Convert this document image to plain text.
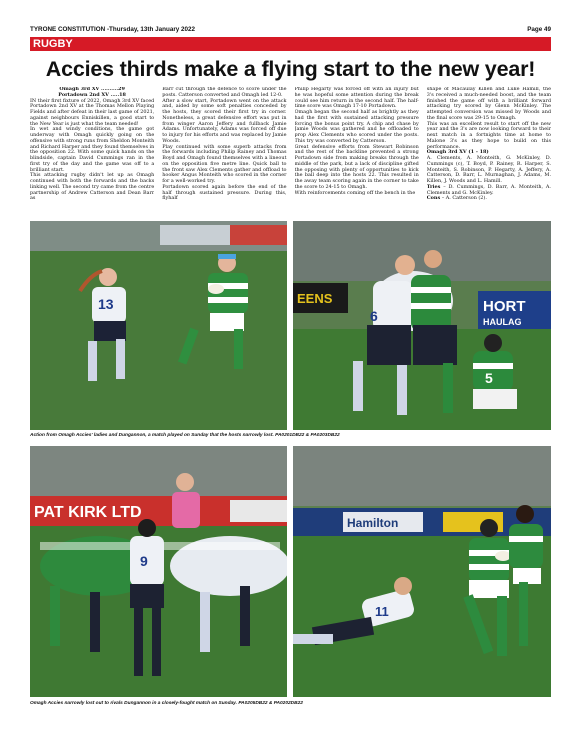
TYRONE CONSTITUTION -Thursday, 13th January 2022	Page 49
RUGBY
Accies thirds make a flying start to the new year!

Omagh 3rd XV ..........29

Portadown 2nd XV .....18

IN their first fixture of 2022, Omagh 3rd XV faced Portadown 2nd XV at the Thomas Mellon Playing Fields and after defeat in their last game of 2021, against neighbours Enniskillen, a good start to the New Year is just what the team needed!

In wet and windy conditions, the game got underway with Omagh quickly going on the offensive with strong runs from Sheldon Monteith and Richard Harper and they found themselves in the opposition 22. With some quick hands on the blindside, captain David Cummings ran in the first try of the day and the game was off to a brilliant start.

This attacking rugby didn't let up as Omagh continued with both the forwards and the backs linking well. The second try came from the centre partnership of Andrew Catterson and Dean Barr as

Barr cut through the defence to score under the posts. Catterson converted and Omagh led 12-0.

After a slow start, Portadown went on the attack and, aided by some soft penalties conceded by the hosts, they scored their first try in corner. Nonetheless, a great defensive effort was put in from winger Aaron Jeffery and fullback Jamie Adams. Unfortunately, Adams was forced off due to injury for his efforts and was replaced by Jamie Woods.

Play continued with some superb attacks from the forwards including Philip Rainey and Thomas Boyd and Omagh found themselves with a lineout on the opposition five metre line. Quick ball to the front saw Alex Clements gather and offload to hooker Angus Monteith who scored in the corner for a well-worked try.

Portadown scored again before the end of the half through sustained pressure. During this, flyhalf

Philip Hegarty was forced off with an injury but he was hopeful some attention during the break could see him return in the second half. The half-time score was Omagh 17-10 Portadown.

Omagh began the second half as brightly as they had the first with sustained attacking pressure forcing the bonus point try. A chip and chase by Jamie Woods was gathered and he offloaded to prop Alex Clements who scored under the posts. This try was converted by Catterson.

Great defensive efforts from Stewart Robinson and the rest of the backline prevented a strong Portadown side from making breaks through the middle of the park, but a lack of discipline gifted the opposing with plenty of opportunities to kick the ball deep into the hosts 22. This resulted in the away team scoring again in the corner to take the score to 24-15 to Omagh.

With reinforcements coming off the bench in the

shape of Macaulay Killen and Luke Hamill, the 3's received a much-needed boost, and the team finished the game off with a brilliant forward attacking try scored by Glenn McKinley. The attempted conversion was missed by Woods and the final score was 29-15 to Omagh.

This was an excellent result to start off the new year and the 3's are now looking forward to their next match in a fortnights time at home to Malone 3's as they hope to build on this performance.

Omagh 3rd XV (1 - 18)

A. Clements, A. Monteith, G. McKinley, D. Cummings (c), T. Boyd, P. Rainey, R. Harper, S. Monteith, S. Robinson, P. Hegarty, A. Jeffery, A. Catterson, D. Barr, L. Murnaghan, J. Adams, M. Killen, J. Woods and L. Hamill.

Tries – D. Cummings, D. Barr, A. Monteith, A. Clements and G. McKinley.

Cons – A. Catterson (2).

13	EENS	HORT
HAULAG
6
5
Action from Omagh Accies' ladies and Dungannon, a match played on Sunday that the hosts narrowly lost. PA0201DB22 & PA0203DB22
PAT KIRK LTD
9
Hamilton
11
Omagh Accies narrowly lost out to rivals Dungannon in a closely-fought match on Sunday. PA0205DB22 & PA0202DB22
